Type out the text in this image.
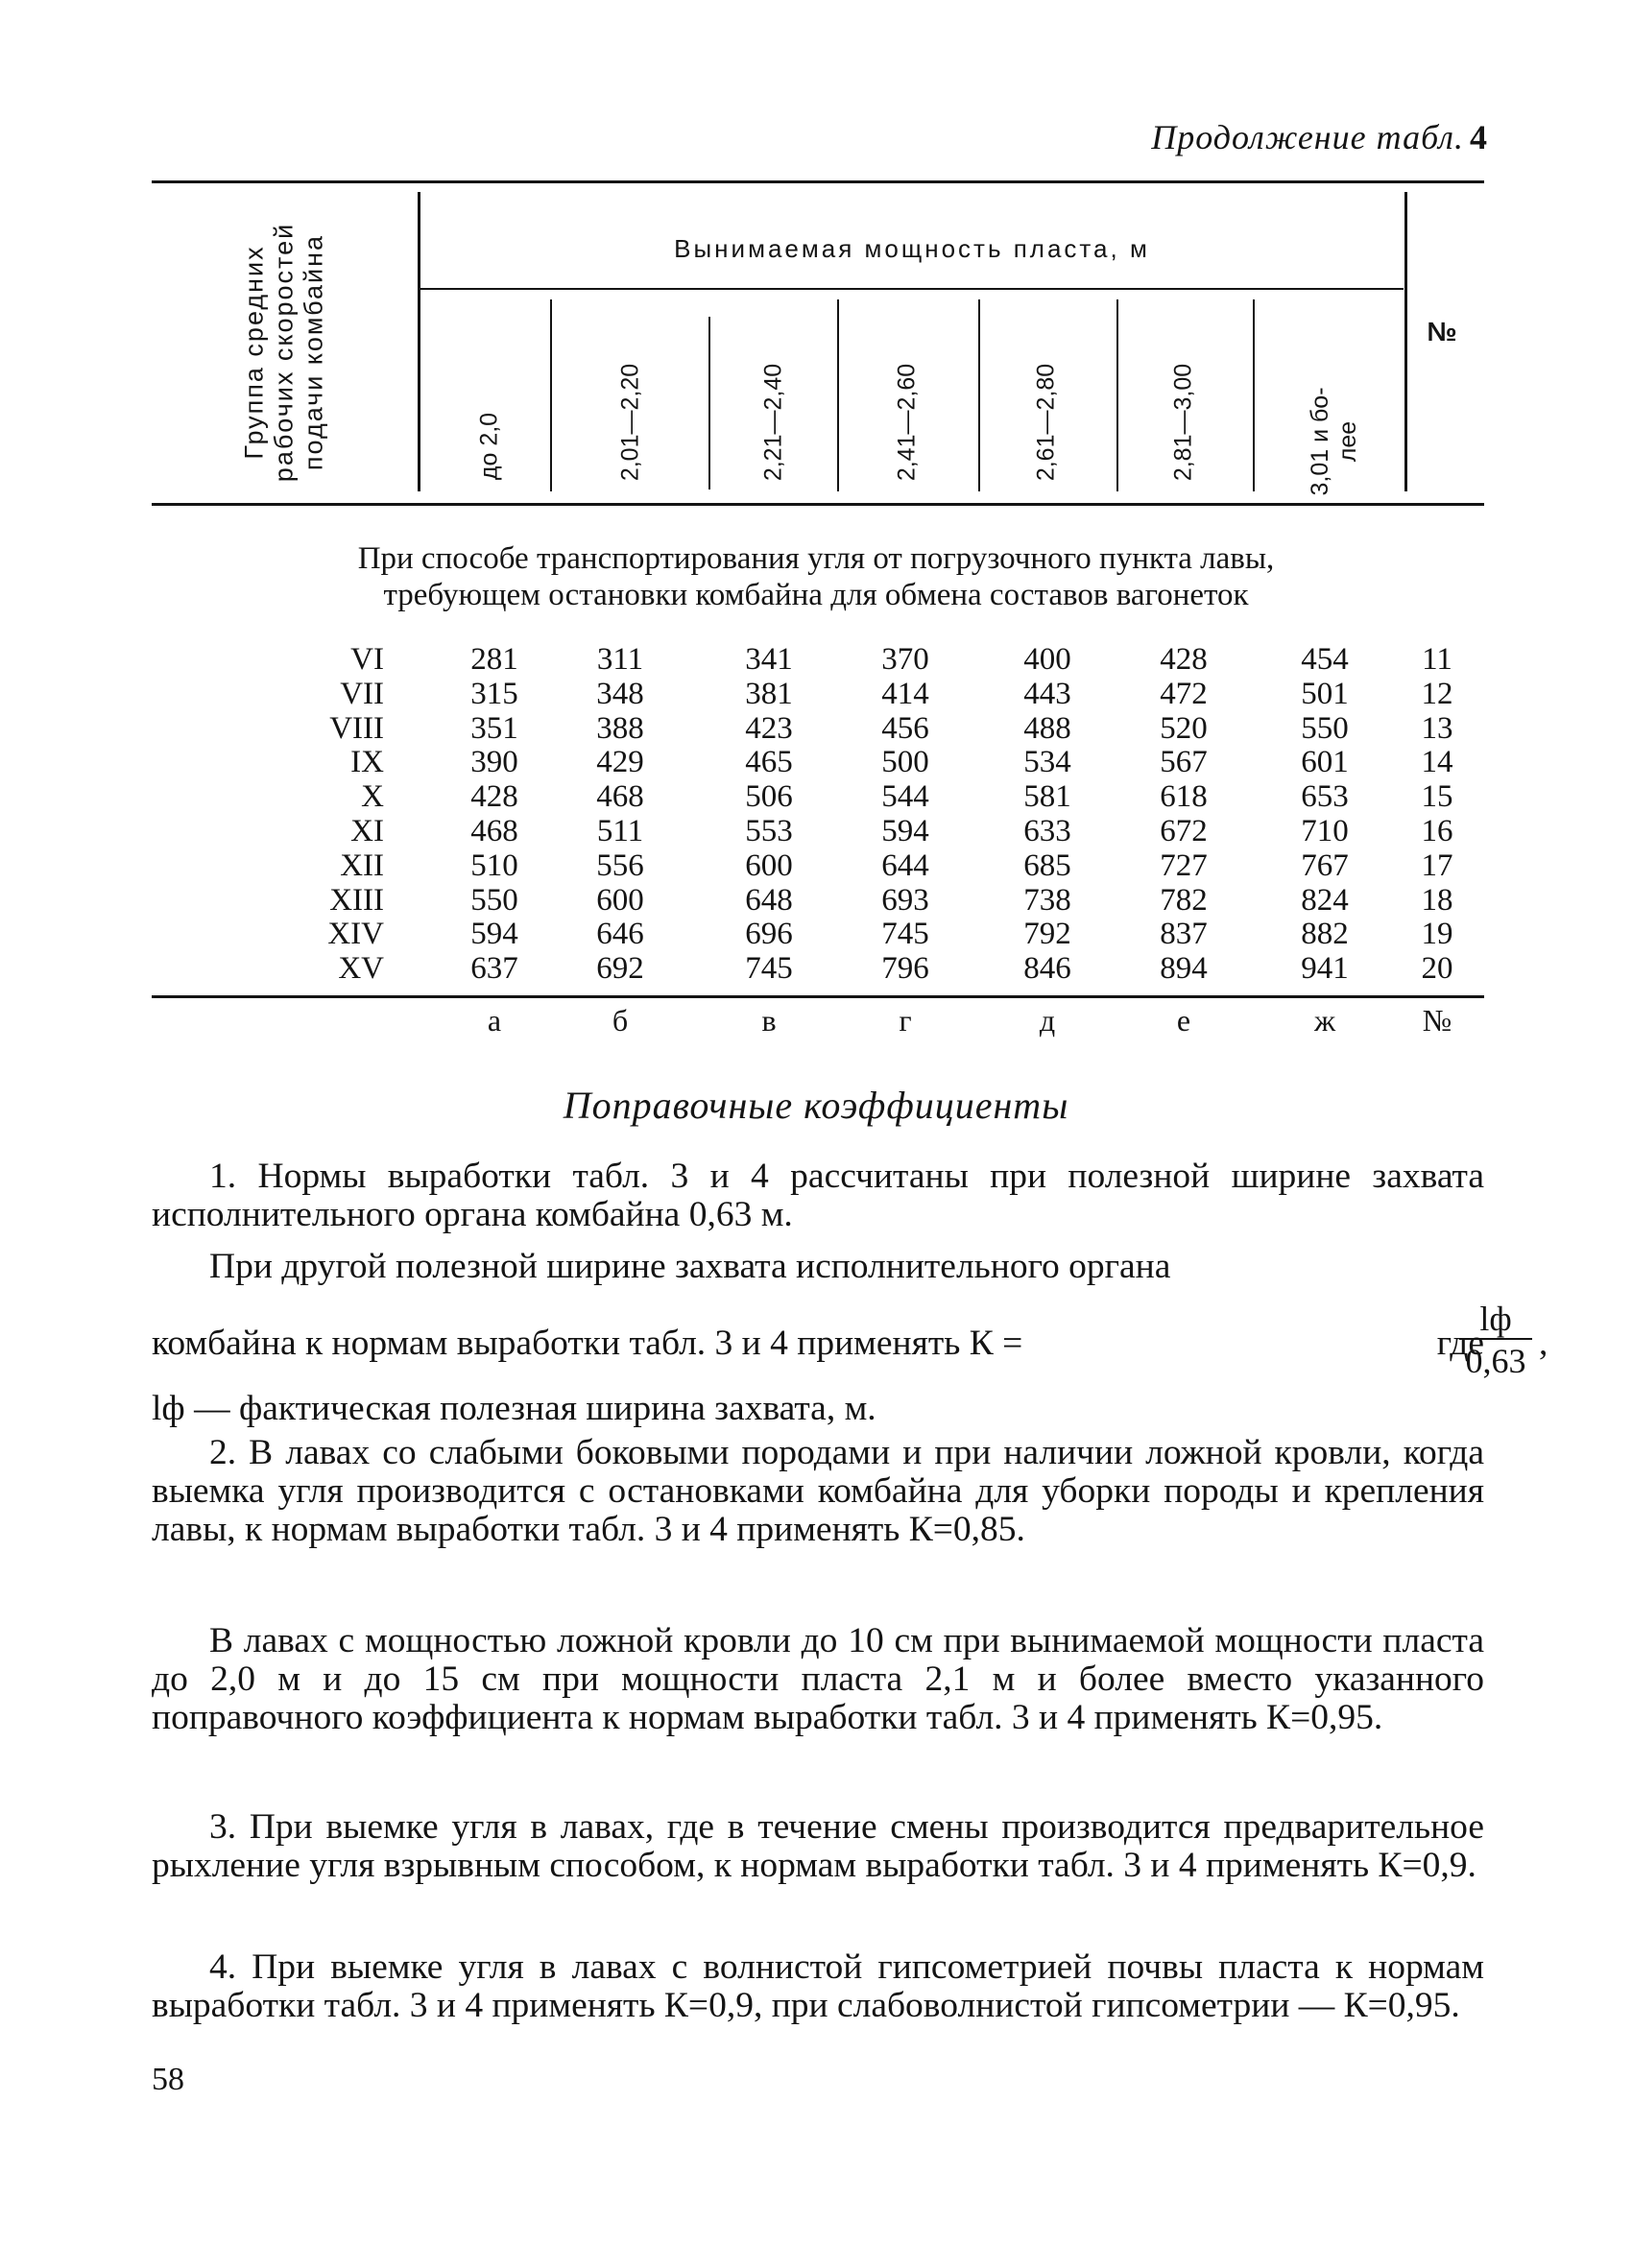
Продолжение табл. 4
Группа средних рабочих скоростей подачи комбайна	Вынимаемая мощность пласта, м
№
до 2,0	2,01—2,20	2,21—2,40	2,41—2,60	2,61—2,80	2,81—3,00	3,01 и бо- лее
При способе транспортирования угля от погрузочного пункта лавы,
требующем остановки комбайна для обмена составов вагонеток
VI	281	311	341	370	400	428	454	11
VII	315	348	381	414	443	472	501	12
VIII	351	388	423	456	488	520	550	13
IX	390	429	465	500	534	567	601	14
X	428	468	506	544	581	618	653	15
XI	468	511	553	594	633	672	710	16
XII	510	556	600	644	685	727	767	17
XIII	550	600	648	693	738	782	824	18
XIV	594	646	696	745	792	837	882	19
XV	637	692	745	796	846	894	941	20
а	б	в	г	д	е	ж	№
Поправочные коэффициенты
1. Нормы выработки табл. 3 и 4 рассчитаны при полезной ширине захвата исполнительного органа комбайна 0,63 м.
При другой полезной ширине захвата исполнительного органа
комбайна к нормам выработки табл. 3 и 4 применять К =
lф
0,63 ,
где
lф — фактическая полезная ширина захвата, м.
2. В лавах со слабыми боковыми породами и при наличии ложной кровли, когда выемка угля производится с остановками комбайна для уборки породы и крепления лавы, к нормам выработки табл. 3 и 4 применять К=0,85.
В лавах с мощностью ложной кровли до 10 см при вынимаемой мощности пласта до 2,0 м и до 15 см при мощности пласта 2,1 м и более вместо указанного поправочного коэффициента к нормам выработки табл. 3 и 4 применять К=0,95.
3. При выемке угля в лавах, где в течение смены производится предварительное рыхление угля взрывным способом, к нормам выработки табл. 3 и 4 применять К=0,9.
4. При выемке угля в лавах с волнистой гипсометрией почвы пласта к нормам выработки табл. 3 и 4 применять К=0,9, при слабоволнистой гипсометрии — К=0,95.
58
